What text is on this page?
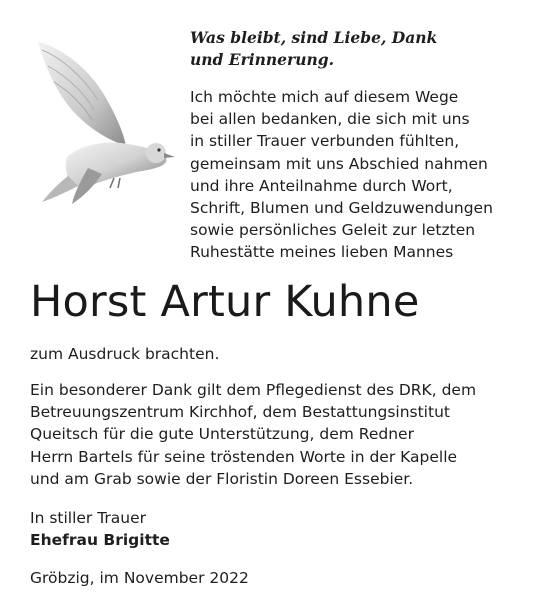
Was bleibt, sind Liebe, Dank
und Erinnerung.
Ich möchte mich auf diesem Wege
bei allen bedanken, die sich mit uns
in stiller Trauer verbunden fühlten,
gemeinsam mit uns Abschied nahmen
und ihre Anteilnahme durch Wort,
Schrift, Blumen und Geldzuwendungen
sowie persönliches Geleit zur letzten
Ruhestätte meines lieben Mannes
Horst Artur Kuhne
zum Ausdruck brachten.
Ein besonderer Dank gilt dem Pflegedienst des DRK, dem
Betreuungszentrum Kirchhof, dem Bestattungsinstitut
Queitsch für die gute Unterstützung, dem Redner
Herrn Bartels für seine tröstenden Worte in der Kapelle
und am Grab sowie der Floristin Doreen Essebier.
In stiller Trauer
Ehefrau Brigitte
Gröbzig, im November 2022
